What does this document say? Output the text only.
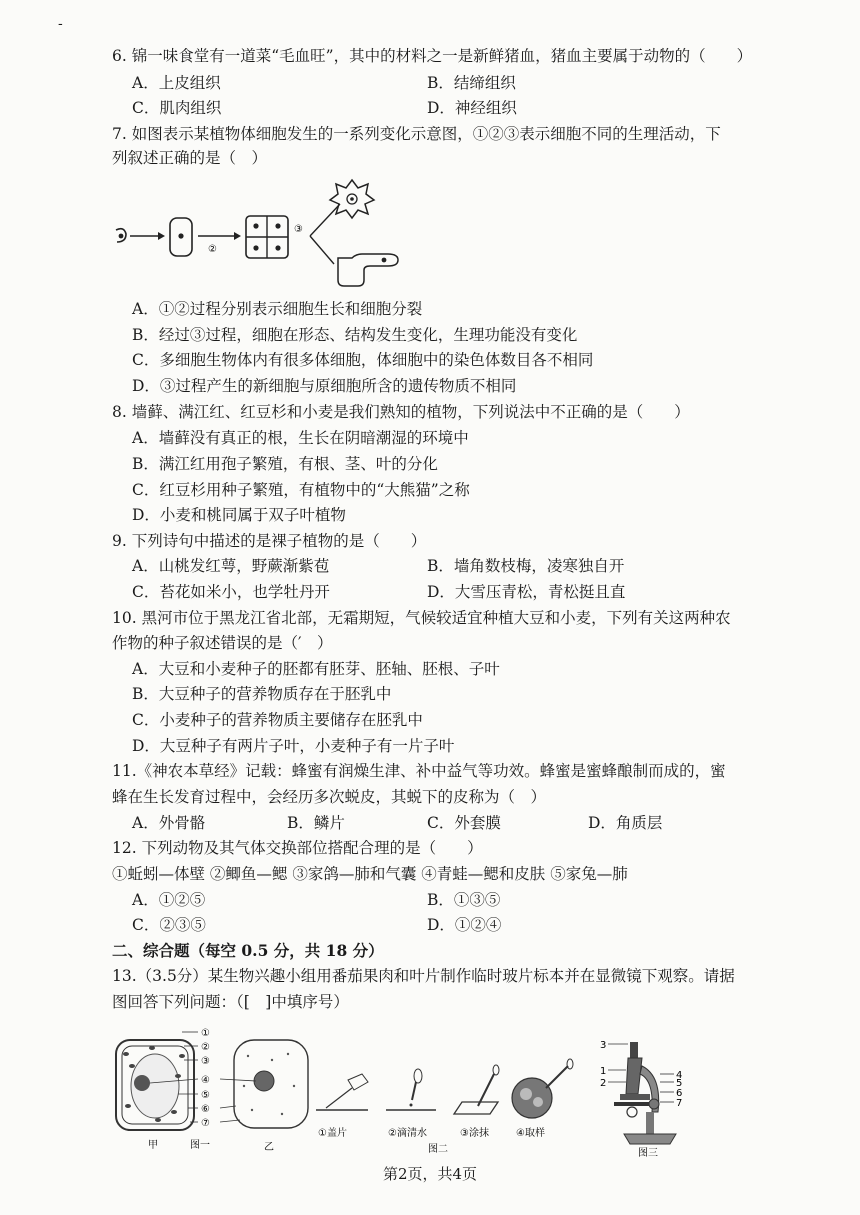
-
6. 锦一味食堂有一道菜“毛血旺”，其中的材料之一是新鲜猪血，猪血主要属于动物的（　　）
A．上皮组织	B．结缔组织
C．肌肉组织	D．神经组织
7. 如图表示某植物体细胞发生的一系列变化示意图，①②③表示细胞不同的生理活动，下
列叙述正确的是（　）
②
③
A．①②过程分别表示细胞生长和细胞分裂
B．经过③过程，细胞在形态、结构发生变化，生理功能没有变化
C．多细胞生物体内有很多体细胞，体细胞中的染色体数目各不相同
D．③过程产生的新细胞与原细胞所含的遗传物质不相同
8. 墙藓、满江红、红豆杉和小麦是我们熟知的植物，下列说法中不正确的是（　　）
A．墙藓没有真正的根，生长在阴暗潮湿的环境中
B．满江红用孢子繁殖，有根、茎、叶的分化
C．红豆杉用种子繁殖，有植物中的“大熊猫”之称
D．小麦和桃同属于双子叶植物
9. 下列诗句中描述的是裸子植物的是（　　）
A．山桃发红萼，野蕨渐紫苞	B．墙角数枝梅，凌寒独自开
C．苔花如米小，也学牡丹开	D．大雪压青松，青松挺且直
10. 黑河市位于黑龙江省北部，无霜期短，气候较适宜种植大豆和小麦，下列有关这两种农
作物的种子叙述错误的是（′　）
A．大豆和小麦种子的胚都有胚芽、胚轴、胚根、子叶
B．大豆种子的营养物质存在于胚乳中
C．小麦种子的营养物质主要储存在胚乳中
D．大豆种子有两片子叶，小麦种子有一片子叶
11.《神农本草经》记载：蜂蜜有润燥生津、补中益气等功效。蜂蜜是蜜蜂酿制而成的，蜜
蜂在生长发育过程中，会经历多次蜕皮，其蜕下的皮称为（　）
A．外骨骼	B．鳞片	C．外套膜	D．角质层
12. 下列动物及其气体交换部位搭配合理的是（　　）
①蚯蚓—体壁 ②鲫鱼—鳃 ③家鸽—肺和气囊 ④青蛙—鳃和皮肤 ⑤家兔—肺
A．①②⑤	B．①③⑤
C．②③⑤	D．①②④
二、综合题（每空 0.5 分，共 18 分）
13.（3.5分）某生物兴趣小组用番茄果肉和叶片制作临时玻片标本并在显微镜下观察。请据
图回答下列问题：（[　]中填序号）
①
②
③
④
⑤
⑥
⑦
甲	图一	乙
①盖片	②滴清水	③涂抹	④取样
图二
3
1
2
4
5
6
7
图三
第2页，共4页
